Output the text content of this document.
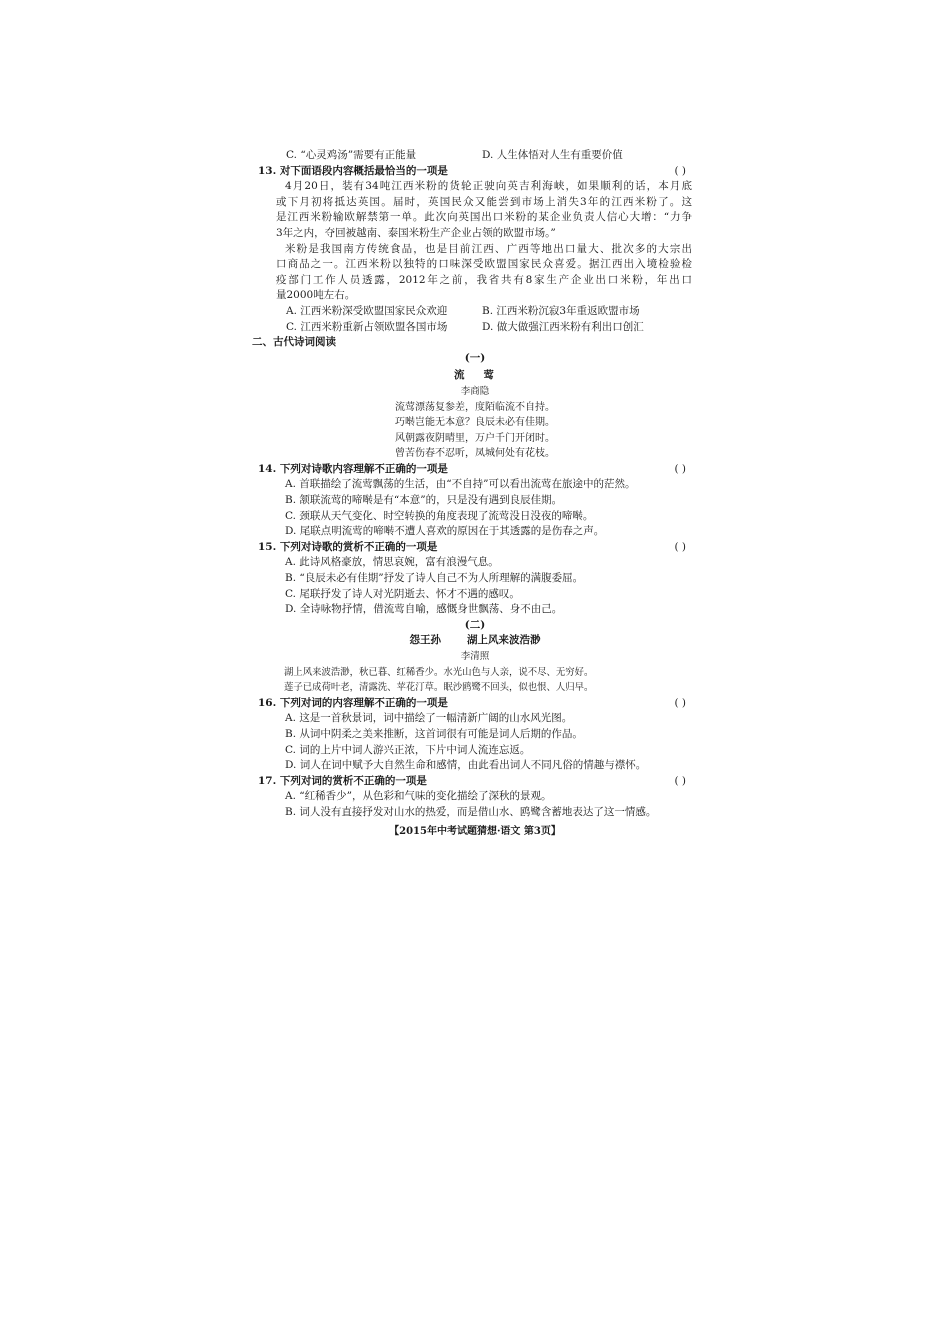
C. “心灵鸡汤”需要有正能量	D. 人生体悟对人生有重要价值
13. 对下面语段内容概括最恰当的一项是	( )
4月20日，装有34吨江西米粉的货轮正驶向英吉利海峡，如果顺利的话，本月底
或下月初将抵达英国。届时，英国民众又能尝到市场上消失3年的江西米粉了。这
是江西米粉输欧解禁第一单。此次向英国出口米粉的某企业负责人信心大增：“力争
3年之内，夺回被越南、泰国米粉生产企业占领的欧盟市场。”
米粉是我国南方传统食品，也是目前江西、广西等地出口量大、批次多的大宗出
口商品之一。江西米粉以独特的口味深受欧盟国家民众喜爱。据江西出入境检验检
疫部门工作人员透露，2012年之前，我省共有8家生产企业出口米粉，年出口
量2000吨左右。
A. 江西米粉深受欧盟国家民众欢迎	B. 江西米粉沉寂3年重返欧盟市场
C. 江西米粉重新占领欧盟各国市场	D. 做大做强江西米粉有利出口创汇
二、古代诗词阅读
(一)
流   莺
李商隐
流莺漂荡复参差，度陌临流不自持。
巧啭岂能无本意？良辰未必有佳期。
风朝露夜阴晴里，万户千门开闭时。
曾苦伤春不忍听，凤城何处有花枝。
14. 下列对诗歌内容理解不正确的一项是	( )
A. 首联描绘了流莺飘荡的生活，由“不自持”可以看出流莺在旅途中的茫然。
B. 颔联流莺的啼啭是有“本意”的，只是没有遇到良辰佳期。
C. 颈联从天气变化、时空转换的角度表现了流莺没日没夜的啼啭。
D. 尾联点明流莺的啼啭不遭人喜欢的原因在于其透露的是伤春之声。
15. 下列对诗歌的赏析不正确的一项是	( )
A. 此诗风格豪放，情思哀婉，富有浪漫气息。
B. “良辰未必有佳期”抒发了诗人自己不为人所理解的满腹委屈。
C. 尾联抒发了诗人对光阴逝去、怀才不遇的感叹。
D. 全诗咏物抒情，借流莺自喻，感慨身世飘荡、身不由己。
(二)
怨王孙 湖上风来波浩渺
李清照
湖上风来波浩渺，秋已暮、红稀香少。水光山色与人亲，说不尽、无穷好。
莲子已成荷叶老，清露洗、苹花汀草。眠沙鸥鹭不回头，似也恨、人归早。
16. 下列对词的内容理解不正确的一项是	( )
A. 这是一首秋景词，词中描绘了一幅清新广阔的山水风光图。
B. 从词中阴柔之美来推断，这首词很有可能是词人后期的作品。
C. 词的上片中词人游兴正浓，下片中词人流连忘返。
D. 词人在词中赋予大自然生命和感情，由此看出词人不同凡俗的情趣与襟怀。
17. 下列对词的赏析不正确的一项是	( )
A. “红稀香少”，从色彩和气味的变化描绘了深秋的景观。
B. 词人没有直接抒发对山水的热爱，而是借山水、鸥鹭含蓄地表达了这一情感。
【2015年中考试题猜想·语文 第3页】
